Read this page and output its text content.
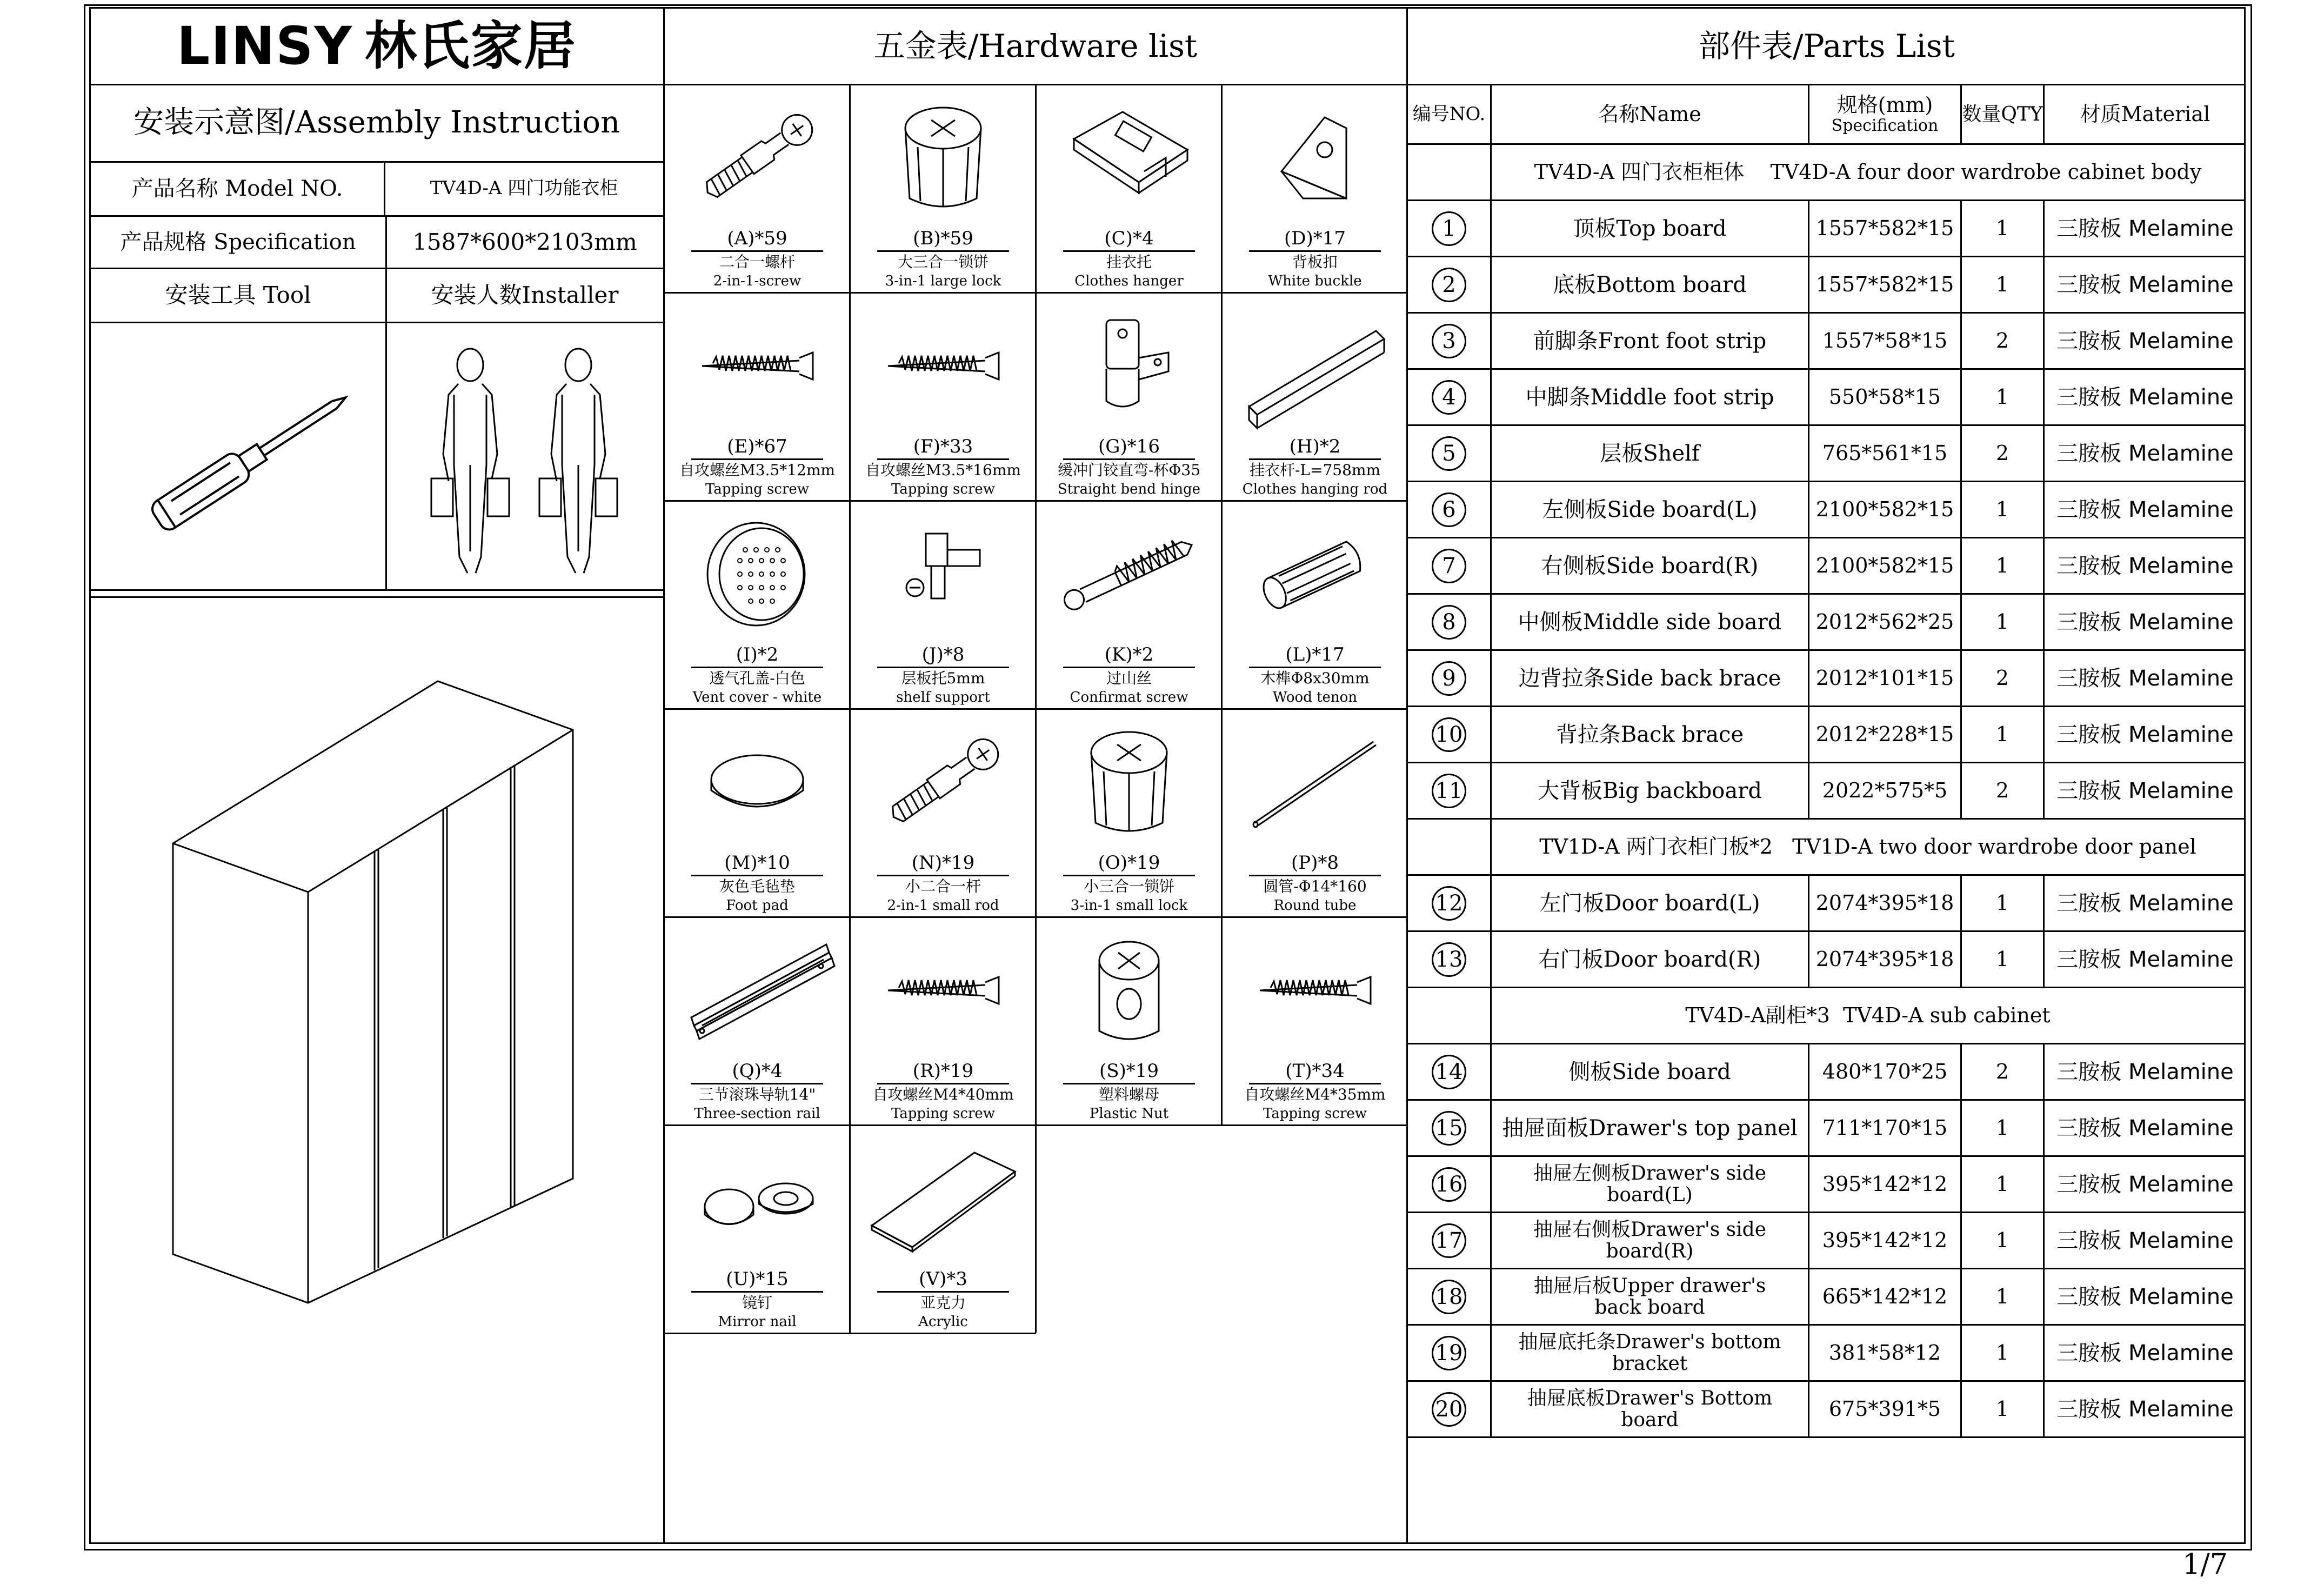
LINSY 林氏家居	五金表/Hardware list	部件表/Parts List
安装示意图/Assembly Instruction
产品名称 Model NO.	TV4D-A 四门功能衣柜
产品规格 Specification	1587*600*2103mm
安装工具 Tool	安装人数Installer
(A)*59
二合一螺杆
2-in-1-screw
(B)*59
大三合一锁饼
3-in-1 large lock
(C)*4
挂衣托
Clothes hanger
(D)*17
背板扣
White buckle
(E)*67
自攻螺丝M3.5*12mm
Tapping screw
(F)*33
自攻螺丝M3.5*16mm
Tapping screw
(G)*16
缓冲门铰直弯-杯Φ35
Straight bend hinge
(H)*2
挂衣杆-L=758mm
Clothes hanging rod
(I)*2
透气孔盖-白色
Vent cover - white
(J)*8
层板托5mm
shelf support
(K)*2
过山丝
Confirmat screw
(L)*17
木榫Φ8x30mm
Wood tenon
(M)*10
灰色毛毡垫
Foot pad
(N)*19
小二合一杆
2-in-1 small rod
(O)*19
小三合一锁饼
3-in-1 small lock
(P)*8
圆管-Φ14*160
Round tube
(Q)*4
三节滚珠导轨14"
Three-section rail
(R)*19
自攻螺丝M4*40mm
Tapping screw
(S)*19
塑料螺母
Plastic Nut
(T)*34
自攻螺丝M4*35mm
Tapping screw
(U)*15
镜钉
Mirror nail
(V)*3
亚克力
Acrylic
编号NO.	名称Name	规格(mm)
Specification
数量QTY	材质Material
TV4D-A 四门衣柜柜体    TV4D-A four door wardrobe cabinet body
1	顶板Top board	1557*582*15	1	三胺板
Melamine
2	底板Bottom board	1557*582*15	1	三胺板
Melamine
3	前脚条Front foot strip	1557*58*15	2	三胺板
Melamine
4	中脚条Middle foot strip	550*58*15	1	三胺板
Melamine
5	层板Shelf	765*561*15	2	三胺板
Melamine
6	左侧板Side board(L)	2100*582*15	1	三胺板
Melamine
7	右侧板Side board(R)	2100*582*15	1	三胺板
Melamine
8	中侧板Middle side board	2012*562*25	1	三胺板
Melamine
9	边背拉条Side back brace	2012*101*15	2	三胺板
Melamine
10	背拉条Back brace	2012*228*15	1	三胺板
Melamine
11	大背板Big backboard	2022*575*5	2	三胺板
Melamine
TV1D-A 两门衣柜门板*2   TV1D-A two door wardrobe door panel
12	左门板Door board(L)	2074*395*18	1	三胺板
Melamine
13	右门板Door board(R)	2074*395*18	1	三胺板
Melamine
TV4D-A副柜*3  TV4D-A sub cabinet
14	侧板Side board	480*170*25	2	三胺板
Melamine
15	抽屉面板Drawer's top panel	711*170*15	1	三胺板
Melamine
16	抽屉左侧板Drawer's side board(L)	395*142*12	1	三胺板
Melamine
17	抽屉右侧板Drawer's side board(R)	395*142*12	1	三胺板
Melamine
18	抽屉后板Upper drawer's back board	665*142*12	1	三胺板
Melamine
19	抽屉底托条Drawer's bottom bracket	381*58*12	1	三胺板
Melamine
20	抽屉底板Drawer's Bottom board	675*391*5	1	三胺板
Melamine
1/7
